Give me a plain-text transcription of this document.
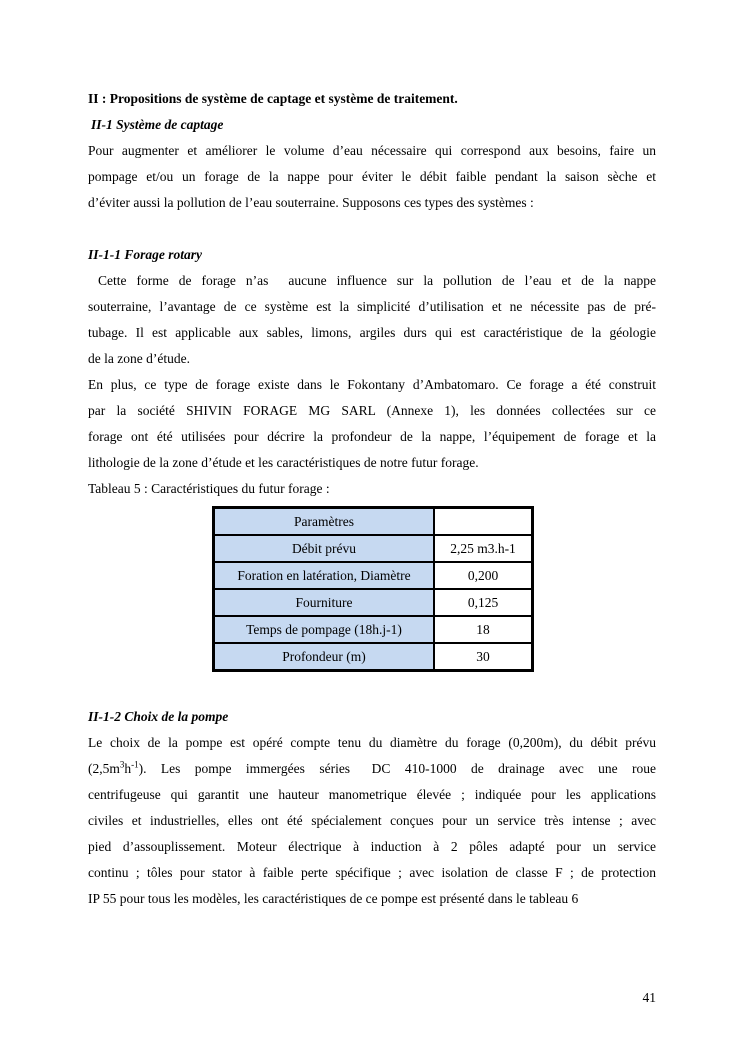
II : Propositions de système de captage et système de traitement.

II-1 Système de captage

Pour augmenter et améliorer le volume d’eau nécessaire qui correspond aux besoins, faire un

pompage et/ou un forage de la nappe pour éviter le débit faible pendant la saison sèche et

d’éviter aussi la pollution de l’eau souterraine. Supposons ces types des systèmes :

II-1-1 Forage rotary

Cette forme de forage n’as  aucune influence sur la pollution de l’eau et de la nappe

souterraine, l’avantage de ce système est la simplicité d’utilisation et ne nécessite pas de pré-

tubage. Il est applicable aux sables, limons, argiles durs qui est caractéristique de la géologie

de la zone d’étude.

En plus, ce type de forage existe dans le Fokontany d’Ambatomaro. Ce forage a été construit

par la société SHIVIN FORAGE MG SARL (Annexe 1), les données collectées sur ce

forage ont été utilisées pour décrire la profondeur de la nappe, l’équipement de forage et la

lithologie de la zone d’étude et les caractéristiques de notre futur forage.

Tableau 5 : Caractéristiques du futur forage :

Paramètres	
Débit prévu	2,25 m3.h-1
Foration en latération, Diamètre	0,200
Fourniture	0,125
Temps de pompage (18h.j-1)	18
Profondeur (m)	30

II-1-2 Choix de la pompe

Le choix de la pompe est opéré compte tenu du diamètre du forage (0,200m), du débit prévu

$(2,5m^3h^{-1})$.  Les  pompe  immergées  séries   DC  410-1000  de  drainage  avec  une  roue

centrifugeuse qui garantit une hauteur manometrique élevée ; indiquée pour les applications

civiles et industrielles, elles ont été spécialement conçues pour un service très intense ; avec

pied d’assouplissement. Moteur électrique à induction à 2 pôles adapté pour un service

continu ; tôles pour stator à faible perte spécifique ; avec isolation de classe F ; de protection

IP 55 pour tous les modèles, les caractéristiques de ce pompe est présenté dans le tableau 6

41
